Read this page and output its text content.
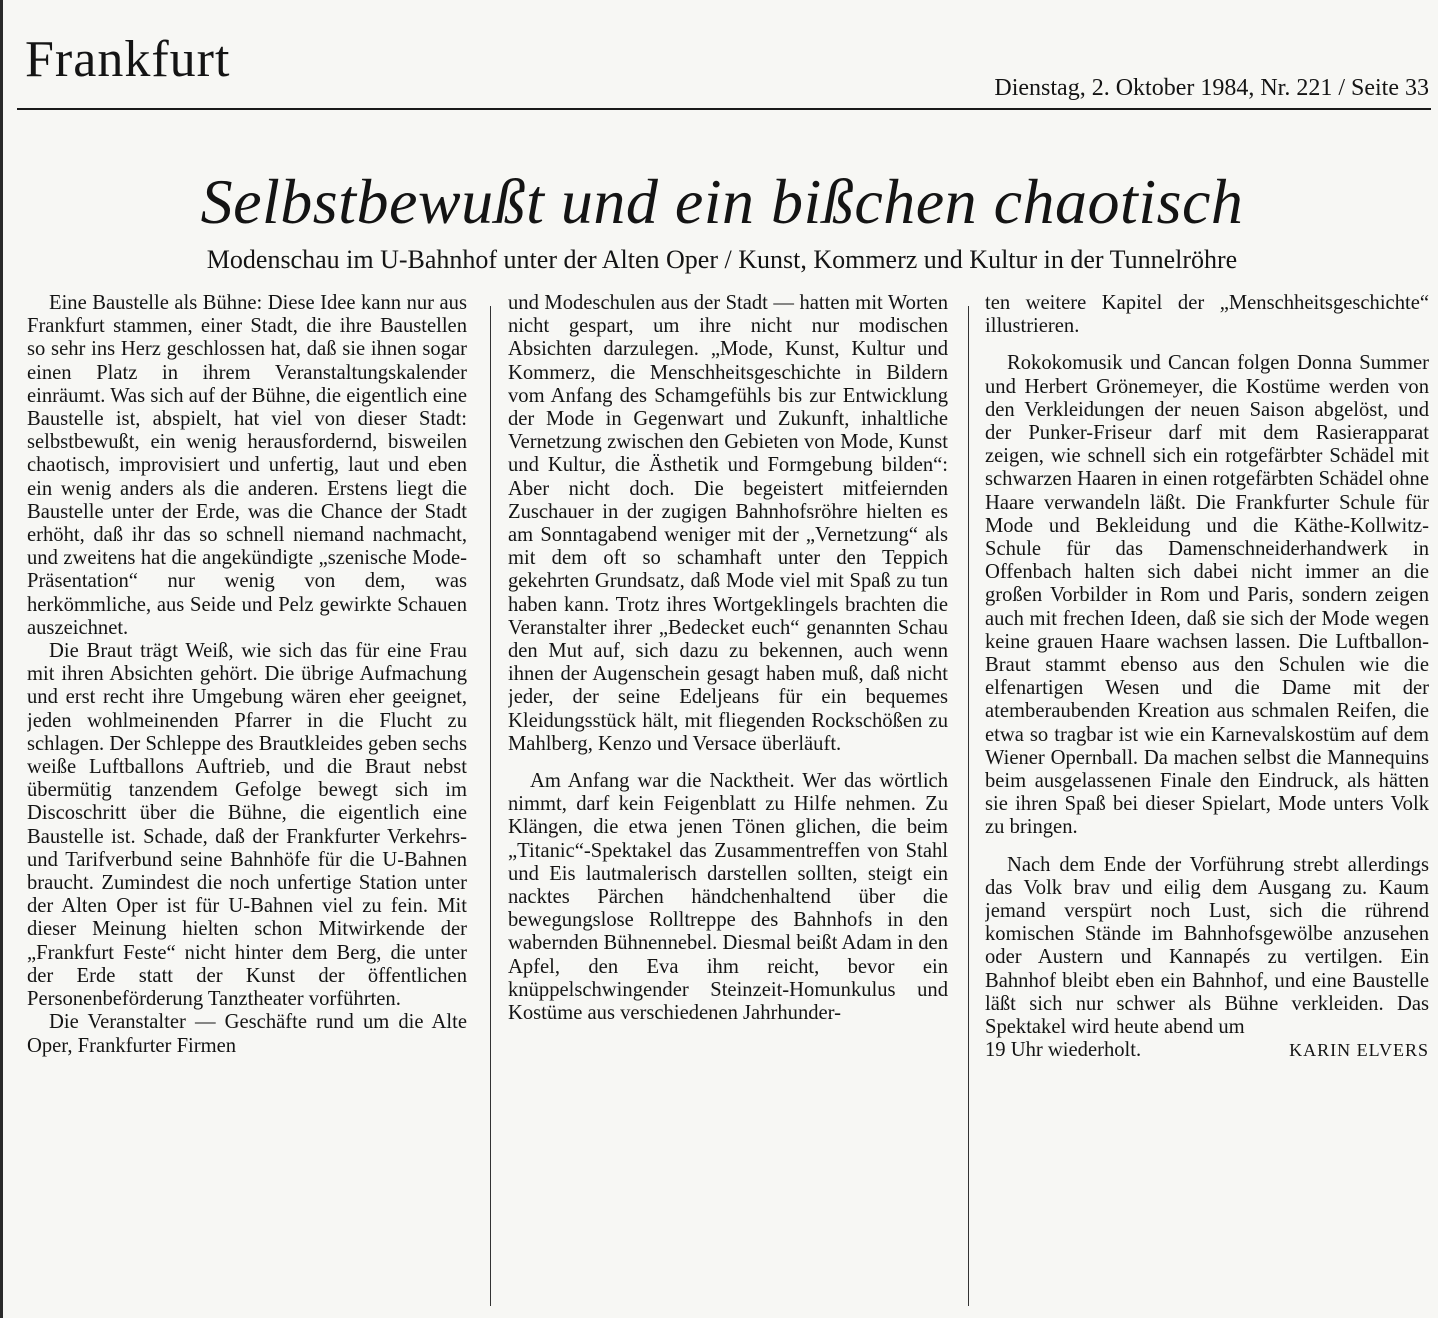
Frankfurt	Dienstag, 2. Oktober 1984, Nr. 221 / Seite 33
Selbstbewußt und ein bißchen chaotisch
Modenschau im U-Bahnhof unter der Alten Oper / Kunst, Kommerz und Kultur in der Tunnelröhre

Eine Baustelle als Bühne: Diese Idee kann nur aus Frankfurt stammen, einer Stadt, die ihre Baustellen so sehr ins Herz geschlossen hat, daß sie ihnen sogar einen Platz in ihrem Veranstaltungskalender einräumt. Was sich auf der Bühne, die eigentlich eine Baustelle ist, abspielt, hat viel von dieser Stadt: selbstbewußt, ein wenig herausfordernd, bisweilen chaotisch, improvisiert und unfertig, laut und eben ein wenig anders als die anderen. Erstens liegt die Baustelle unter der Erde, was die Chance der Stadt erhöht, daß ihr das so schnell niemand nachmacht, und zweitens hat die angekündigte „szenische Mode-Präsentation“ nur wenig von dem, was herkömmliche, aus Seide und Pelz gewirkte Schauen auszeichnet.

Die Braut trägt Weiß, wie sich das für eine Frau mit ihren Absichten gehört. Die übrige Aufmachung und erst recht ihre Umgebung wären eher geeignet, jeden wohlmeinenden Pfarrer in die Flucht zu schlagen. Der Schleppe des Brautkleides geben sechs weiße Luftballons Auftrieb, und die Braut nebst übermütig tanzendem Gefolge bewegt sich im Discoschritt über die Bühne, die eigentlich eine Baustelle ist. Schade, daß der Frankfurter Verkehrs- und Tarifverbund seine Bahnhöfe für die U-Bahnen braucht. Zumindest die noch unfertige Station unter der Alten Oper ist für U-Bahnen viel zu fein. Mit dieser Meinung hielten schon Mitwirkende der „Frankfurt Feste“ nicht hinter dem Berg, die unter der Erde statt der Kunst der öffentlichen Personenbeförderung Tanztheater vorführten.

Die Veranstalter — Geschäfte rund um die Alte Oper, Frankfurter Firmen

und Modeschulen aus der Stadt — hatten mit Worten nicht gespart, um ihre nicht nur modischen Absichten darzulegen. „Mode, Kunst, Kultur und Kommerz, die Menschheitsgeschichte in Bildern vom Anfang des Schamgefühls bis zur Entwicklung der Mode in Gegenwart und Zukunft, inhaltliche Vernetzung zwischen den Gebieten von Mode, Kunst und Kultur, die Ästhetik und Formgebung bilden“: Aber nicht doch. Die begeistert mitfeiernden Zuschauer in der zugigen Bahnhofsröhre hielten es am Sonntagabend weniger mit der „Vernetzung“ als mit dem oft so schamhaft unter den Teppich gekehrten Grundsatz, daß Mode viel mit Spaß zu tun haben kann. Trotz ihres Wortgeklingels brachten die Veranstalter ihrer „Bedecket euch“ genannten Schau den Mut auf, sich dazu zu bekennen, auch wenn ihnen der Augenschein gesagt haben muß, daß nicht jeder, der seine Edeljeans für ein bequemes Kleidungsstück hält, mit fliegenden Rockschößen zu Mahlberg, Kenzo und Versace überläuft.

Am Anfang war die Nacktheit. Wer das wörtlich nimmt, darf kein Feigenblatt zu Hilfe nehmen. Zu Klängen, die etwa jenen Tönen glichen, die beim „Titanic“-Spektakel das Zusammentreffen von Stahl und Eis lautmalerisch darstellen sollten, steigt ein nacktes Pärchen händchenhaltend über die bewegungslose Rolltreppe des Bahnhofs in den wabernden Bühnennebel. Diesmal beißt Adam in den Apfel, den Eva ihm reicht, bevor ein knüppelschwingender Steinzeit-Homunkulus und Kostüme aus verschiedenen Jahrhunder-

ten weitere Kapitel der „Menschheitsgeschichte“ illustrieren.

Rokokomusik und Cancan folgen Donna Summer und Herbert Grönemeyer, die Kostüme werden von den Verkleidungen der neuen Saison abgelöst, und der Punker-Friseur darf mit dem Rasierapparat zeigen, wie schnell sich ein rotgefärbter Schädel mit schwarzen Haaren in einen rotgefärbten Schädel ohne Haare verwandeln läßt. Die Frankfurter Schule für Mode und Bekleidung und die Käthe-Kollwitz-Schule für das Damenschneiderhandwerk in Offenbach halten sich dabei nicht immer an die großen Vorbilder in Rom und Paris, sondern zeigen auch mit frechen Ideen, daß sie sich der Mode wegen keine grauen Haare wachsen lassen. Die Luftballon-Braut stammt ebenso aus den Schulen wie die elfenartigen Wesen und die Dame mit der atemberaubenden Kreation aus schmalen Reifen, die etwa so tragbar ist wie ein Karnevalskostüm auf dem Wiener Opernball. Da machen selbst die Mannequins beim ausgelassenen Finale den Eindruck, als hätten sie ihren Spaß bei dieser Spielart, Mode unters Volk zu bringen.

Nach dem Ende der Vorführung strebt allerdings das Volk brav und eilig dem Ausgang zu. Kaum jemand verspürt noch Lust, sich die rührend komischen Stände im Bahnhofsgewölbe anzusehen oder Austern und Kannapés zu vertilgen. Ein Bahnhof bleibt eben ein Bahnhof, und eine Baustelle läßt sich nur schwer als Bühne verkleiden. Das Spektakel wird heute abend um

19 Uhr wiederholt.	KARIN ELVERS
